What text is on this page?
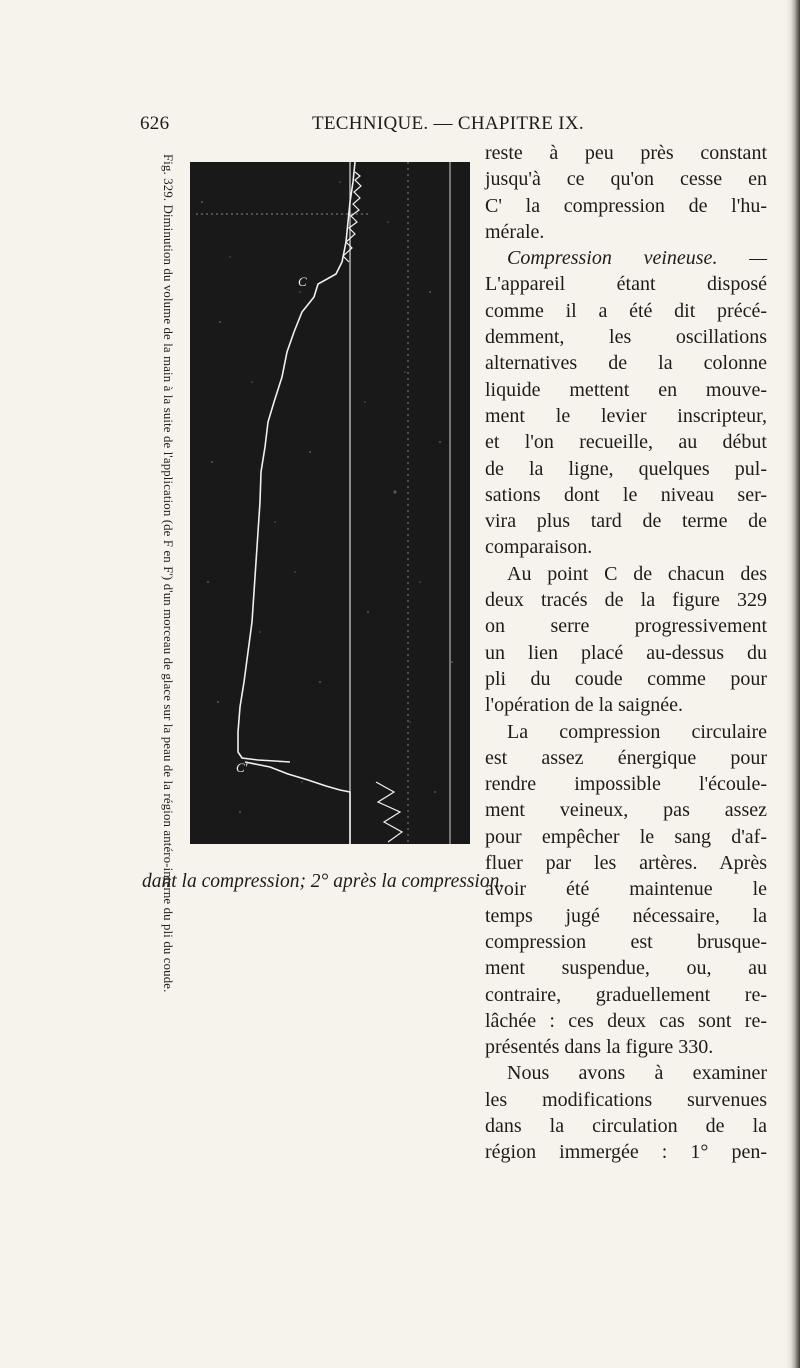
626	TECHNIQUE. — CHAPITRE IX.
Fig. 329. Diminution du volume de la main à la suite de l'application (de F en F') d'un morceau de glace sur la peau de la région antéro-interne du pli du coude.	C
C'

reste à peu près constant

jusqu'à ce qu'on cesse en

C' la compression de l'hu-

mérale.

Compression veineuse. —

L'appareil étant disposé

comme il a été dit précé-

demment, les oscillations

alternatives de la colonne

liquide mettent en mouve-

ment le levier inscripteur,

et l'on recueille, au début

de la ligne, quelques pul-

sations dont le niveau ser-

vira plus tard de terme de

comparaison.

Au point C de chacun des

deux tracés de la figure 329

on serre progressivement

un lien placé au-dessus du

pli du coude comme pour

l'opération de la saignée.

La compression circulaire

est assez énergique pour

rendre impossible l'écoule-

ment veineux, pas assez

pour empêcher le sang d'af-

fluer par les artères. Après

avoir été maintenue le

temps jugé nécessaire, la

compression est brusque-

ment suspendue, ou, au

contraire, graduellement re-

lâchée : ces deux cas sont re-

présentés dans la figure 330.

Nous avons à examiner

les modifications survenues

dans la circulation de la

région immergée : 1° pen-

dant la compression; 2° après la compression.
